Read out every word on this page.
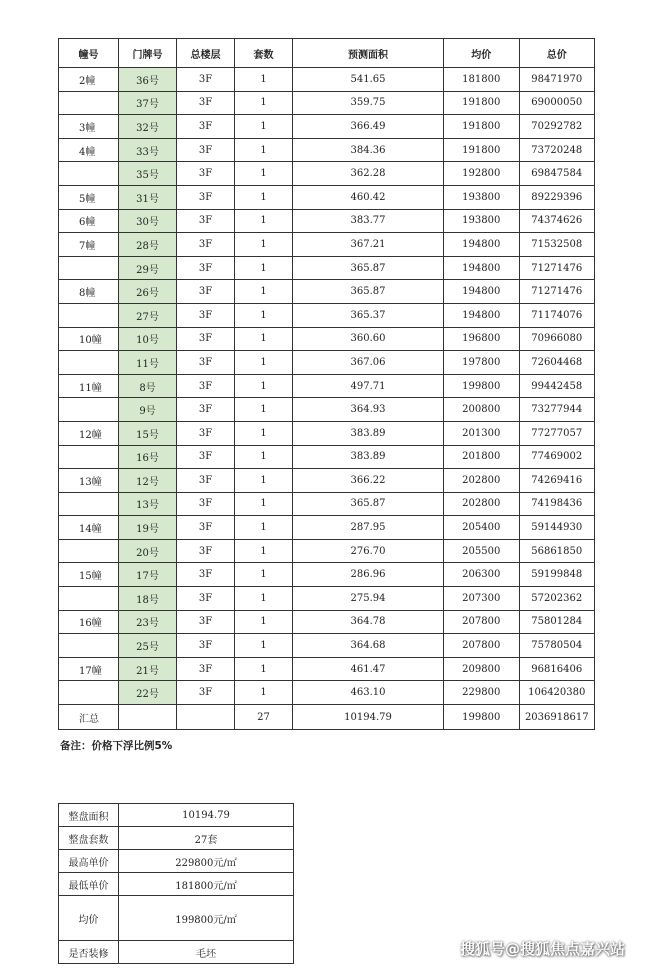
幢号	门牌号	总楼层	套数	预测面积	均价	总价
2幢	36号	3F	1	541.65	181800	98471970
	37号	3F	1	359.75	191800	69000050
3幢	32号	3F	1	366.49	191800	70292782
4幢	33号	3F	1	384.36	191800	73720248
	35号	3F	1	362.28	192800	69847584
5幢	31号	3F	1	460.42	193800	89229396
6幢	30号	3F	1	383.77	193800	74374626
7幢	28号	3F	1	367.21	194800	71532508
	29号	3F	1	365.87	194800	71271476
8幢	26号	3F	1	365.87	194800	71271476
	27号	3F	1	365.37	194800	71174076
10幢	10号	3F	1	360.60	196800	70966080
	11号	3F	1	367.06	197800	72604468
11幢	8号	3F	1	497.71	199800	99442458
	9号	3F	1	364.93	200800	73277944
12幢	15号	3F	1	383.89	201300	77277057
	16号	3F	1	383.89	201800	77469002
13幢	12号	3F	1	366.22	202800	74269416
	13号	3F	1	365.87	202800	74198436
14幢	19号	3F	1	287.95	205400	59144930
	20号	3F	1	276.70	205500	56861850
15幢	17号	3F	1	286.96	206300	59199848
	18号	3F	1	275.94	207300	57202362
16幢	23号	3F	1	364.78	207800	75801284
	25号	3F	1	364.68	207800	75780504
17幢	21号	3F	1	461.47	209800	96816406
	22号	3F	1	463.10	229800	106420380
汇总			27	10194.79	199800	2036918617
备注：价格下浮比例5%
整盘面积	10194.79
整盘套数	27套
最高单价	229800元/㎡
最低单价	181800元/㎡
均价	199800元/㎡
是否装修	毛坯	搜狐号@搜狐焦点嘉兴站
